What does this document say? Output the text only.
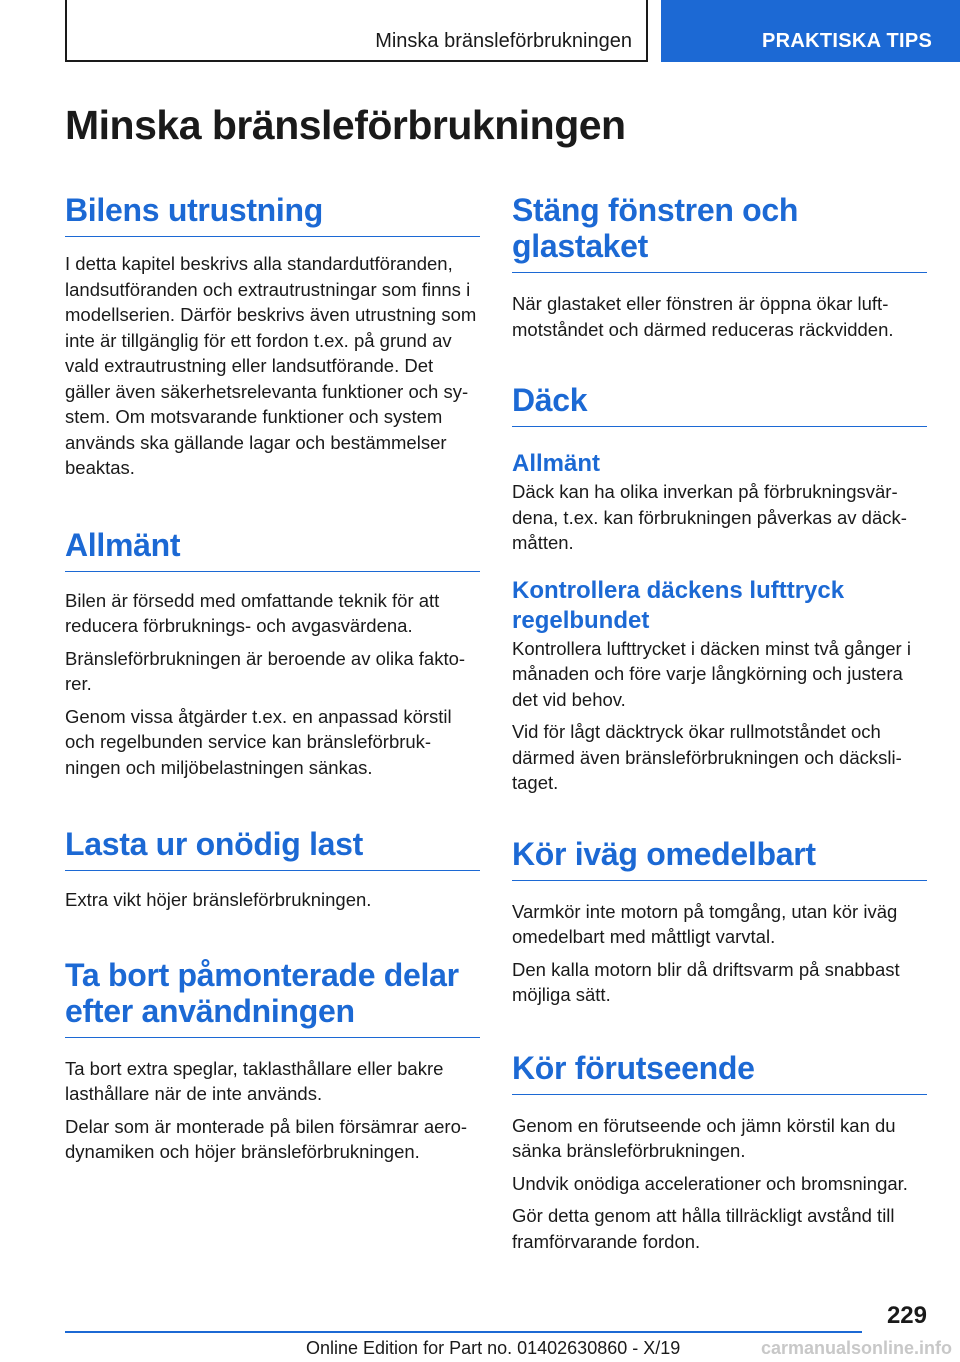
Minska bränsleförbrukningen	PRAKTISKA TIPS
Minska bränsleförbrukningen
Bilens utrustning

I detta kapitel beskrivs alla standardutföranden, landsutföranden och extrautrustningar som finns i modellserien. Därför beskrivs även utrustning som inte är tillgänglig för ett fordon t.ex. på grund av vald extrautrustning eller landsutförande. Det gäller även säkerhetsrelevanta funktioner och sy-stem. Om motsvarande funktioner och system används ska gällande lagar och bestämmelser beaktas.

Allmänt

Bilen är försedd med omfattande teknik för att reducera förbruknings- och avgasvärdena.

Bränsleförbrukningen är beroende av olika fakto-rer.

Genom vissa åtgärder t.ex. en anpassad körstil och regelbunden service kan bränsleförbruk-ningen och miljöbelastningen sänkas.

Lasta ur onödig last

Extra vikt höjer bränsleförbrukningen.

Ta bort påmonterade delar efter användningen

Ta bort extra speglar, taklasthållare eller bakre lasthållare när de inte används.

Delar som är monterade på bilen försämrar aero-dynamiken och höjer bränsleförbrukningen.

Stäng fönstren och glastaket

När glastaket eller fönstren är öppna ökar luft-motståndet och därmed reduceras räckvidden.

Däck
Allmänt

Däck kan ha olika inverkan på förbrukningsvär-dena, t.ex. kan förbrukningen påverkas av däck-måtten.

Kontrollera däckens lufttryck regelbundet

Kontrollera lufttrycket i däcken minst två gånger i månaden och före varje långkörning och justera det vid behov.

Vid för lågt däcktryck ökar rullmotståndet och därmed även bränsleförbrukningen och däcksli-taget.

Kör iväg omedelbart

Varmkör inte motorn på tomgång, utan kör iväg omedelbart med måttligt varvtal.

Den kalla motorn blir då driftsvarm på snabbast möjliga sätt.

Kör förutseende

Genom en förutseende och jämn körstil kan du sänka bränsleförbrukningen.

Undvik onödiga accelerationer och bromsningar.

Gör detta genom att hålla tillräckligt avstånd till framförvarande fordon.

229
Online Edition for Part no. 01402630860 - X/19	carmanualsonline.info
